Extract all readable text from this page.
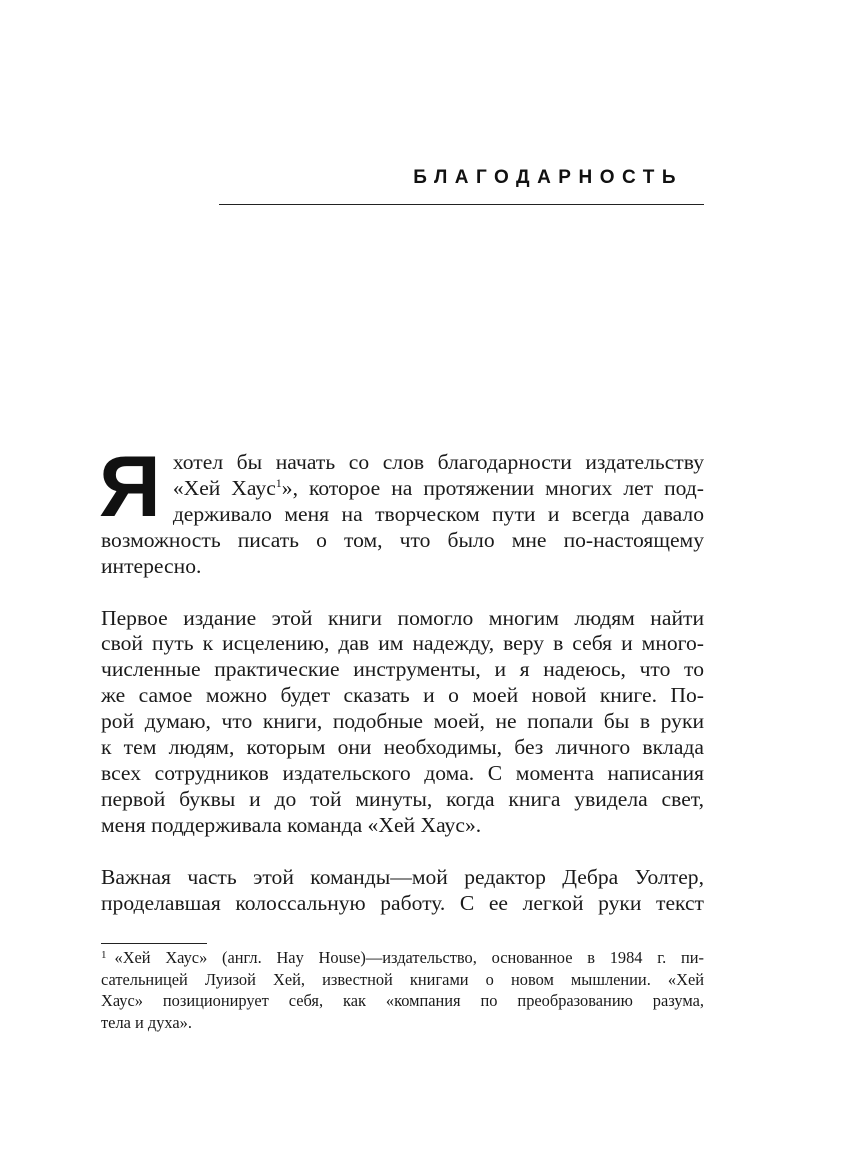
БЛАГОДАРНОСТЬ
Я хотел бы начать со слов благодарности издательству
«Хей Хаус$^1$», которое на протяжении многих лет под-
держивало меня на творческом пути и всегда давало
возможность писать о том, что было мне по-настоящему
интересно.
Первое издание этой книги помогло многим людям найти
свой путь к исцелению, дав им надежду, веру в себя и много-
численные практические инструменты, и я надеюсь, что то
же самое можно будет сказать и о моей новой книге. По-
рой думаю, что книги, подобные моей, не попали бы в руки
к тем людям, которым они необходимы, без личного вклада
всех сотрудников издательского дома. С момента написания
первой буквы и до той минуты, когда книга увидела свет,
меня поддерживала команда «Хей Хаус».
Важная часть этой команды—мой редактор Дебра Уолтер,
проделавшая колоссальную работу. С ее легкой руки текст
$^1$ «Хей Хаус» (англ. Hay House)—издательство, основанное в 1984 г. пи-
сательницей Луизой Хей, известной книгами о новом мышлении. «Хей
Хаус» позиционирует себя, как «компания по преобразованию разума,
тела и духа».
